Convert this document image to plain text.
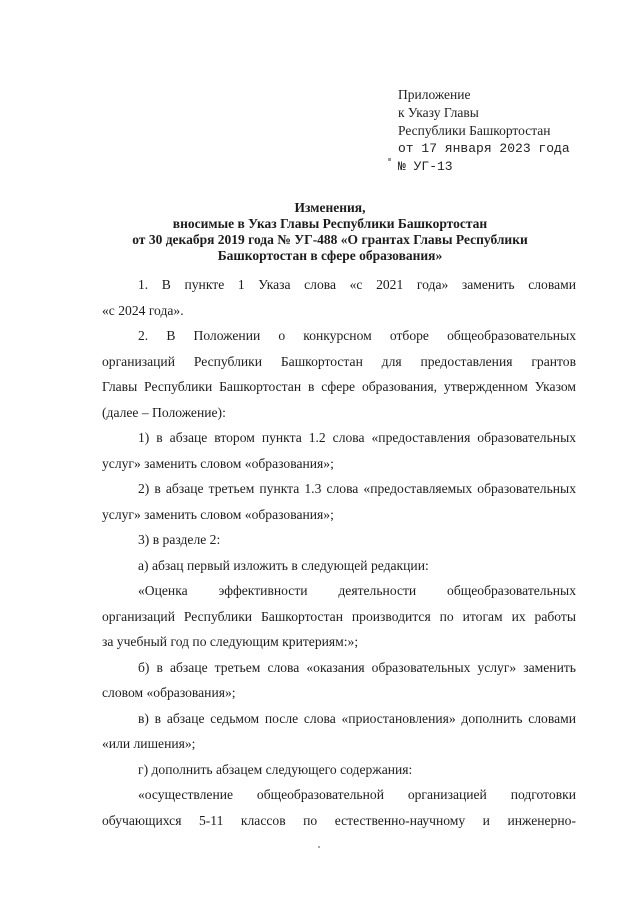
Приложение
к Указу Главы
Республики Башкортостан
от 17 января 2023 года
№ УГ-13
Изменения,
вносимые в Указ Главы Республики Башкортостан
от 30 декабря 2019 года № УГ-488 «О грантах Главы Республики
Башкортостан в сфере образования»
1. В пункте 1 Указа слова «с 2021 года» заменить словами
«с 2024 года».
2. В Положении о конкурсном отборе общеобразовательных
организаций Республики Башкортостан для предоставления грантов
Главы Республики Башкортостан в сфере образования, утвержденном Указом
(далее – Положение):
1) в абзаце втором пункта 1.2 слова «предоставления образовательных
услуг» заменить словом «образования»;
2) в абзаце третьем пункта 1.3 слова «предоставляемых образовательных
услуг» заменить словом «образования»;
3) в разделе 2:
а) абзац первый изложить в следующей редакции:
«Оценка эффективности деятельности общеобразовательных
организаций Республики Башкортостан производится по итогам их работы
за учебный год по следующим критериям:»;
б) в абзаце третьем слова «оказания образовательных услуг» заменить
словом «образования»;
в) в абзаце седьмом после слова «приостановления» дополнить словами
«или лишения»;
г) дополнить абзацем следующего содержания:
«осуществление общеобразовательной организацией подготовки
обучающихся 5-11 классов по естественно-научному и инженерно-
